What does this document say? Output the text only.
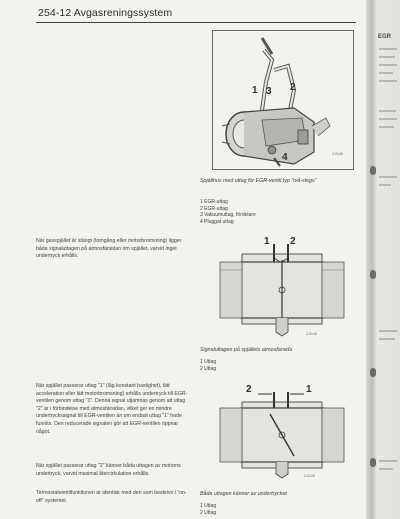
254-12 Avgasreningssystem
1 3 2
4	2-0146
Spjällhus med uttag för EGR-ventil typ "två-stegs"
1 EGR-uttag
2 EGR-uttag
3 Vakuumuttag, fördelare
4 Pluggat uttag
När gasspjället är stängt (tomgång eller motorbromsning) ligger båda signaluttagen på atmosfärsidan om spjället, varvid inget undertryck erhålls.
1 2
2-0146
Signaluttagen på spjällets atmosfärsida
1 Uttag
2 Uttag
När spjället passerar uttag "1" (låg konstant hastighet), lätt acceleration eller lätt motorbromsning) erhålls undertryck till EGR-ventilen genom uttag "1". Denna signal utjämnas genom att uttag "2" är i förbindelse med atmosfärsidan, vilket ger en mindre undertryckssignal till EGR-ventilen än om endast uttag "1" hade funnits. Den reducerade signalen gör att EGR-ventilen öppnar något.
När spjället passerar uttag "2" känner båda uttagen av motorns undertryck, varvid maximal återcirkulation erhålls.
Termostatventilfunktionen är identisk med den som beskrivs i "on-off" systemet.
2	1
2-0148
Båda uttagen känner av undertrycket
1 Uttag
2 Uttag
EGR
